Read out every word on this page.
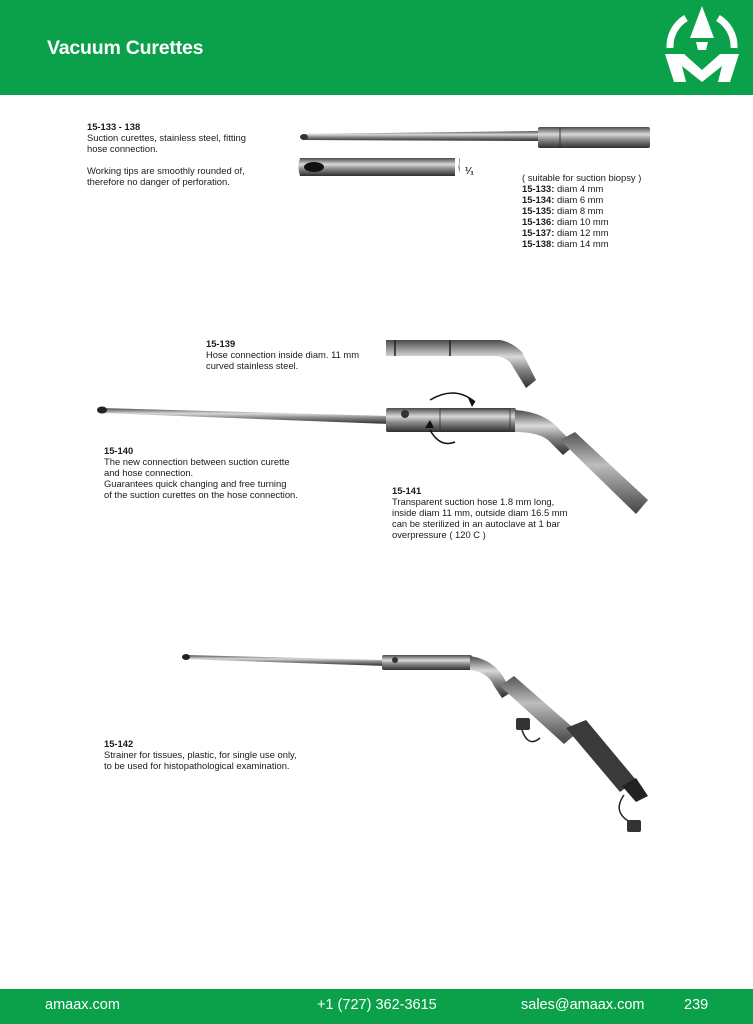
Vacuum Curettes
15-133 - 138
Suction curettes, stainless steel, fitting
hose connection.
Working tips are smoothly rounded of,
therefore no danger of perforation.
¹⁄₁
( suitable for suction biopsy )
15-133: diam 4 mm
15-134: diam 6 mm
15-135: diam 8 mm
15-136: diam 10 mm
15-137: diam 12 mm
15-138: diam 14 mm
15-139
Hose connection inside diam. 11 mm
curved stainless steel.
15-140
The new connection between suction curette
and hose connection.
Guarantees quick changing and free turning
of the suction curettes on the hose connection.	15-141
Transparent suction hose 1.8 mm long,
inside diam 11 mm, outside diam 16.5 mm
can be sterilized in an autoclave at 1 bar
overpressure ( 120 C )
15-142
Strainer for tissues, plastic, for single use only,
to be used for histopathological examination.
amaax.com	+1 (727) 362-3615	sales@amaax.com	239
